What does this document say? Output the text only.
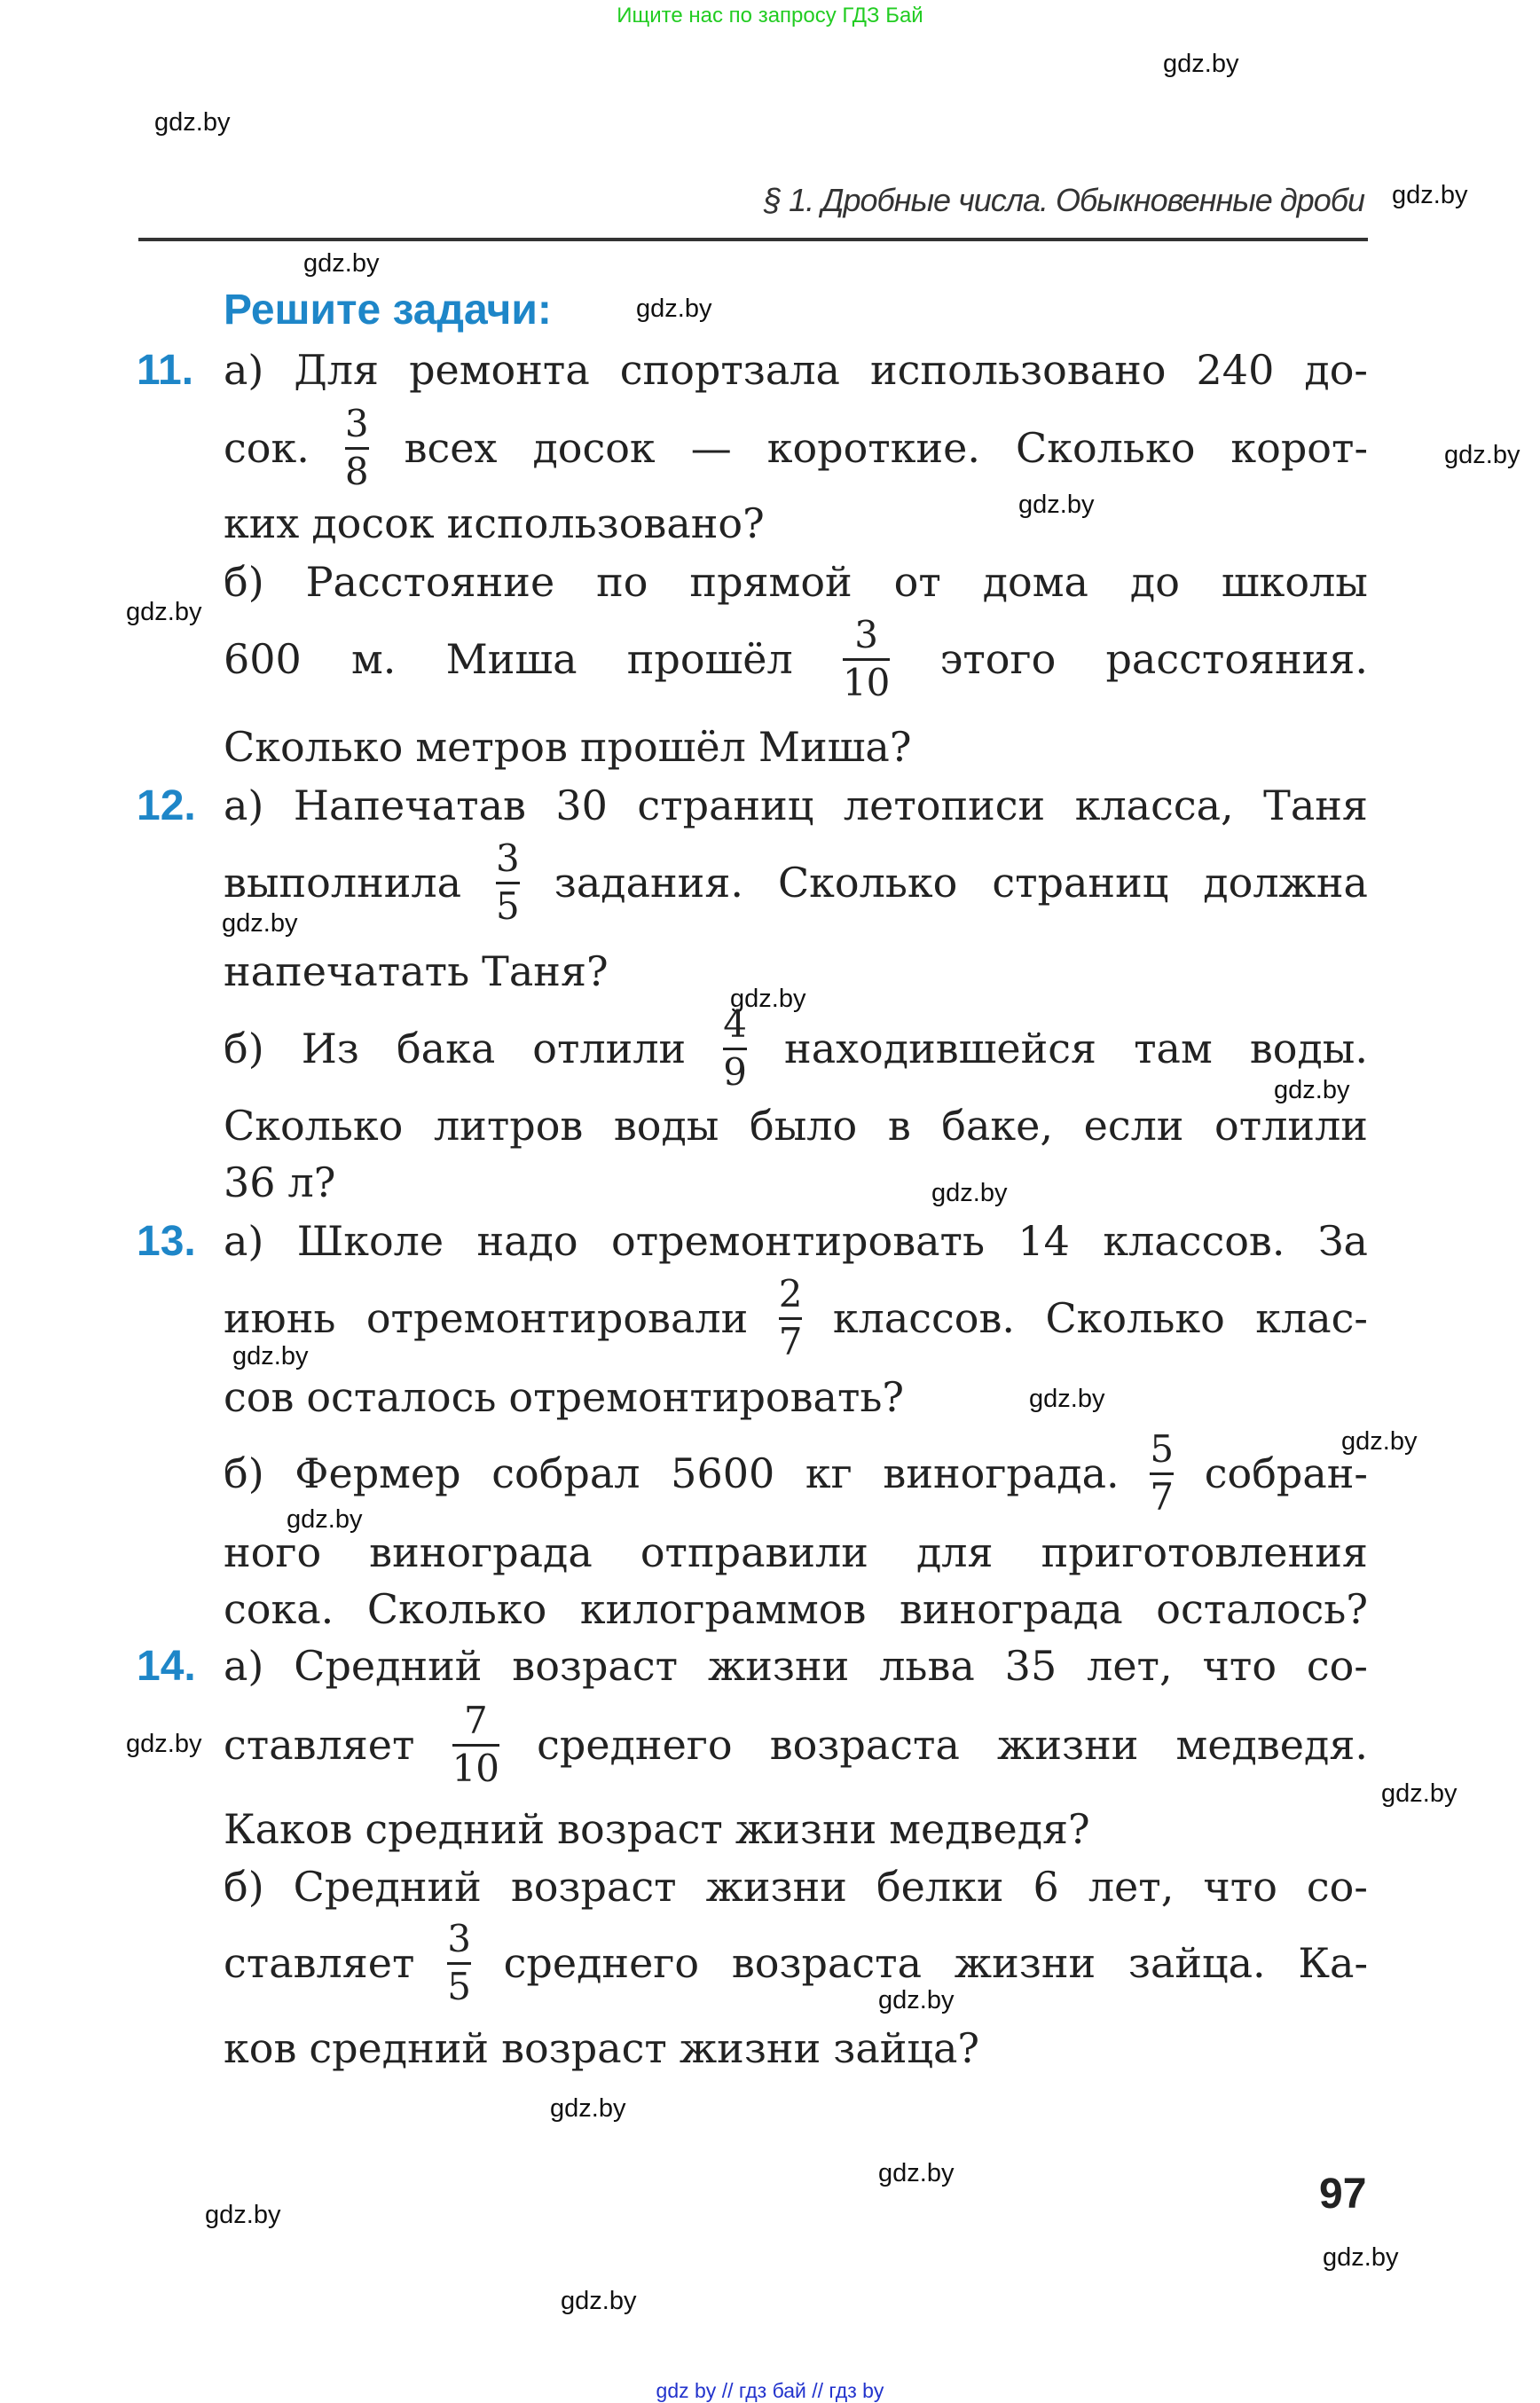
Ищите нас по запросу ГДЗ Бай
gdz.by
gdz.by
gdz.by
gdz.by
gdz.by
gdz.by
gdz.by
gdz.by
gdz.by
gdz.by
gdz.by
gdz.by
gdz.by
gdz.by
gdz.by
gdz.by
gdz.by
gdz.by
gdz.by
gdz.by
gdz.by
gdz.by
gdz.by
gdz.by
§ 1. Дробные числа. Обыкновенные дроби
Решите задачи:
11. а) Для ремонта спортзала использовано 240 до-
сок. $\frac{3}{8}$ всех досок — короткие. Сколько корот-
ких досок использовано?
б) Расстояние по прямой от дома до школы
600 м. Миша прошёл $\frac{3}{10}$ этого расстояния.
Сколько метров прошёл Миша?
12. а) Напечатав 30 страниц летописи класса, Таня
выполнила $\frac{3}{5}$ задания. Сколько страниц должна
напечатать Таня?
б) Из бака отлили $\frac{4}{9}$ находившейся там воды.
Сколько литров воды было в баке, если отлили
36 л?
13. а) Школе надо отремонтировать 14 классов. За
июнь отремонтировали $\frac{2}{7}$ классов. Сколько клас-
сов осталось отремонтировать?
б) Фермер собрал 5600 кг винограда. $\frac{5}{7}$ собран-
ного винограда отправили для приготовления
сока. Сколько килограммов винограда осталось?
14. а) Средний возраст жизни льва 35 лет, что со-
ставляет $\frac{7}{10}$ среднего возраста жизни медведя.
Каков средний возраст жизни медведя?
б) Средний возраст жизни белки 6 лет, что со-
ставляет $\frac{3}{5}$ среднего возраста жизни зайца. Ка-
ков средний возраст жизни зайца?
97
gdz by // гдз бай // гдз by
